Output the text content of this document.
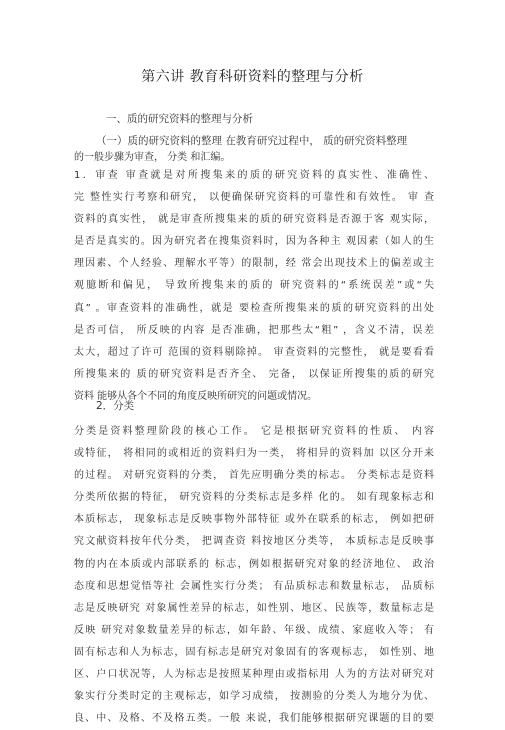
第六讲 教育科研资料的整理与分析
一、质的研究资料的整理与分析
（一）质的研究资料的整理 在教育研究过程中， 质的研究资料整理
的一般步骤为审查， 分类 和汇编。
1．审查 审查就是对所搜集来的质的研究资料的真实性、准确性、
完 整性实行考察和研究， 以便确保研究资料的可靠性和有效性。 审 查
资料的真实性， 就是审查所搜集来的质的研究资料是否源于客 观实际，
是否是真实的。因为研究者在搜集资料时，因为各种主 观因素（如人的生
理因素、个人经验、理解水平等）的限制，经 常会出现技术上的偏差或主
观臆断和偏见， 导致所搜集来的质的 研究资料的“系统误差”或“失
真” 。审查资料的准确性，就是 要检查所搜集来的质的研究资料的出处
是否可信， 所反映的内容 是否准确，把那些太“粗” ，含义不清，误差
太大，超过了许可 范围的资料剔除掉。 审查资料的完整性， 就是要看看
所搜集来的 质的研究资料是否齐全、 完备， 以保证所搜集的质的研究
资料 能够从各个不同的角度反映所研究的问题或情况。
2．分类
分类是资料整理阶段的核心工作。 它是根据研究资料的性质、 内容
或特征， 将相同的或相近的资料归为一类， 将相异的资料加 以区分开来
的过程。 对研究资料的分类， 首先应明确分类的标志。 分类标志是资料
分类所依据的特征， 研究资料的分类标志是多样 化的。 如有现象标志和
本质标志， 现象标志是反映事物外部特征 或外在联系的标志， 例如把研
究文献资料按年代分类， 把调查资 料按地区分类等， 本质标志是反映事
物的内在本质或内部联系的 标志，例如根据研究对象的经济地位、 政治
态度和思想觉悟等社 会属性实行分类； 有品质标志和数量标志， 品质标
志是反映研究 对象属性差异的标志，如性别、地区、民族等，数量标志是
反映 研究对象数量差异的标志，如年龄、年级、成绩、家庭收入等； 有
固有标志和人为标志，固有标志是研究对象固有的客观标志， 如性别、地
区、户口状况等，人为标志是按照某种理由或指标用 人为的方法对研究对
象实行分类时定的主观标志，如学习成绩， 按测验的分类人为地分为优、
良、中、及格、不及格五类。一般 来说，我们能够根据研究课题的目的要
